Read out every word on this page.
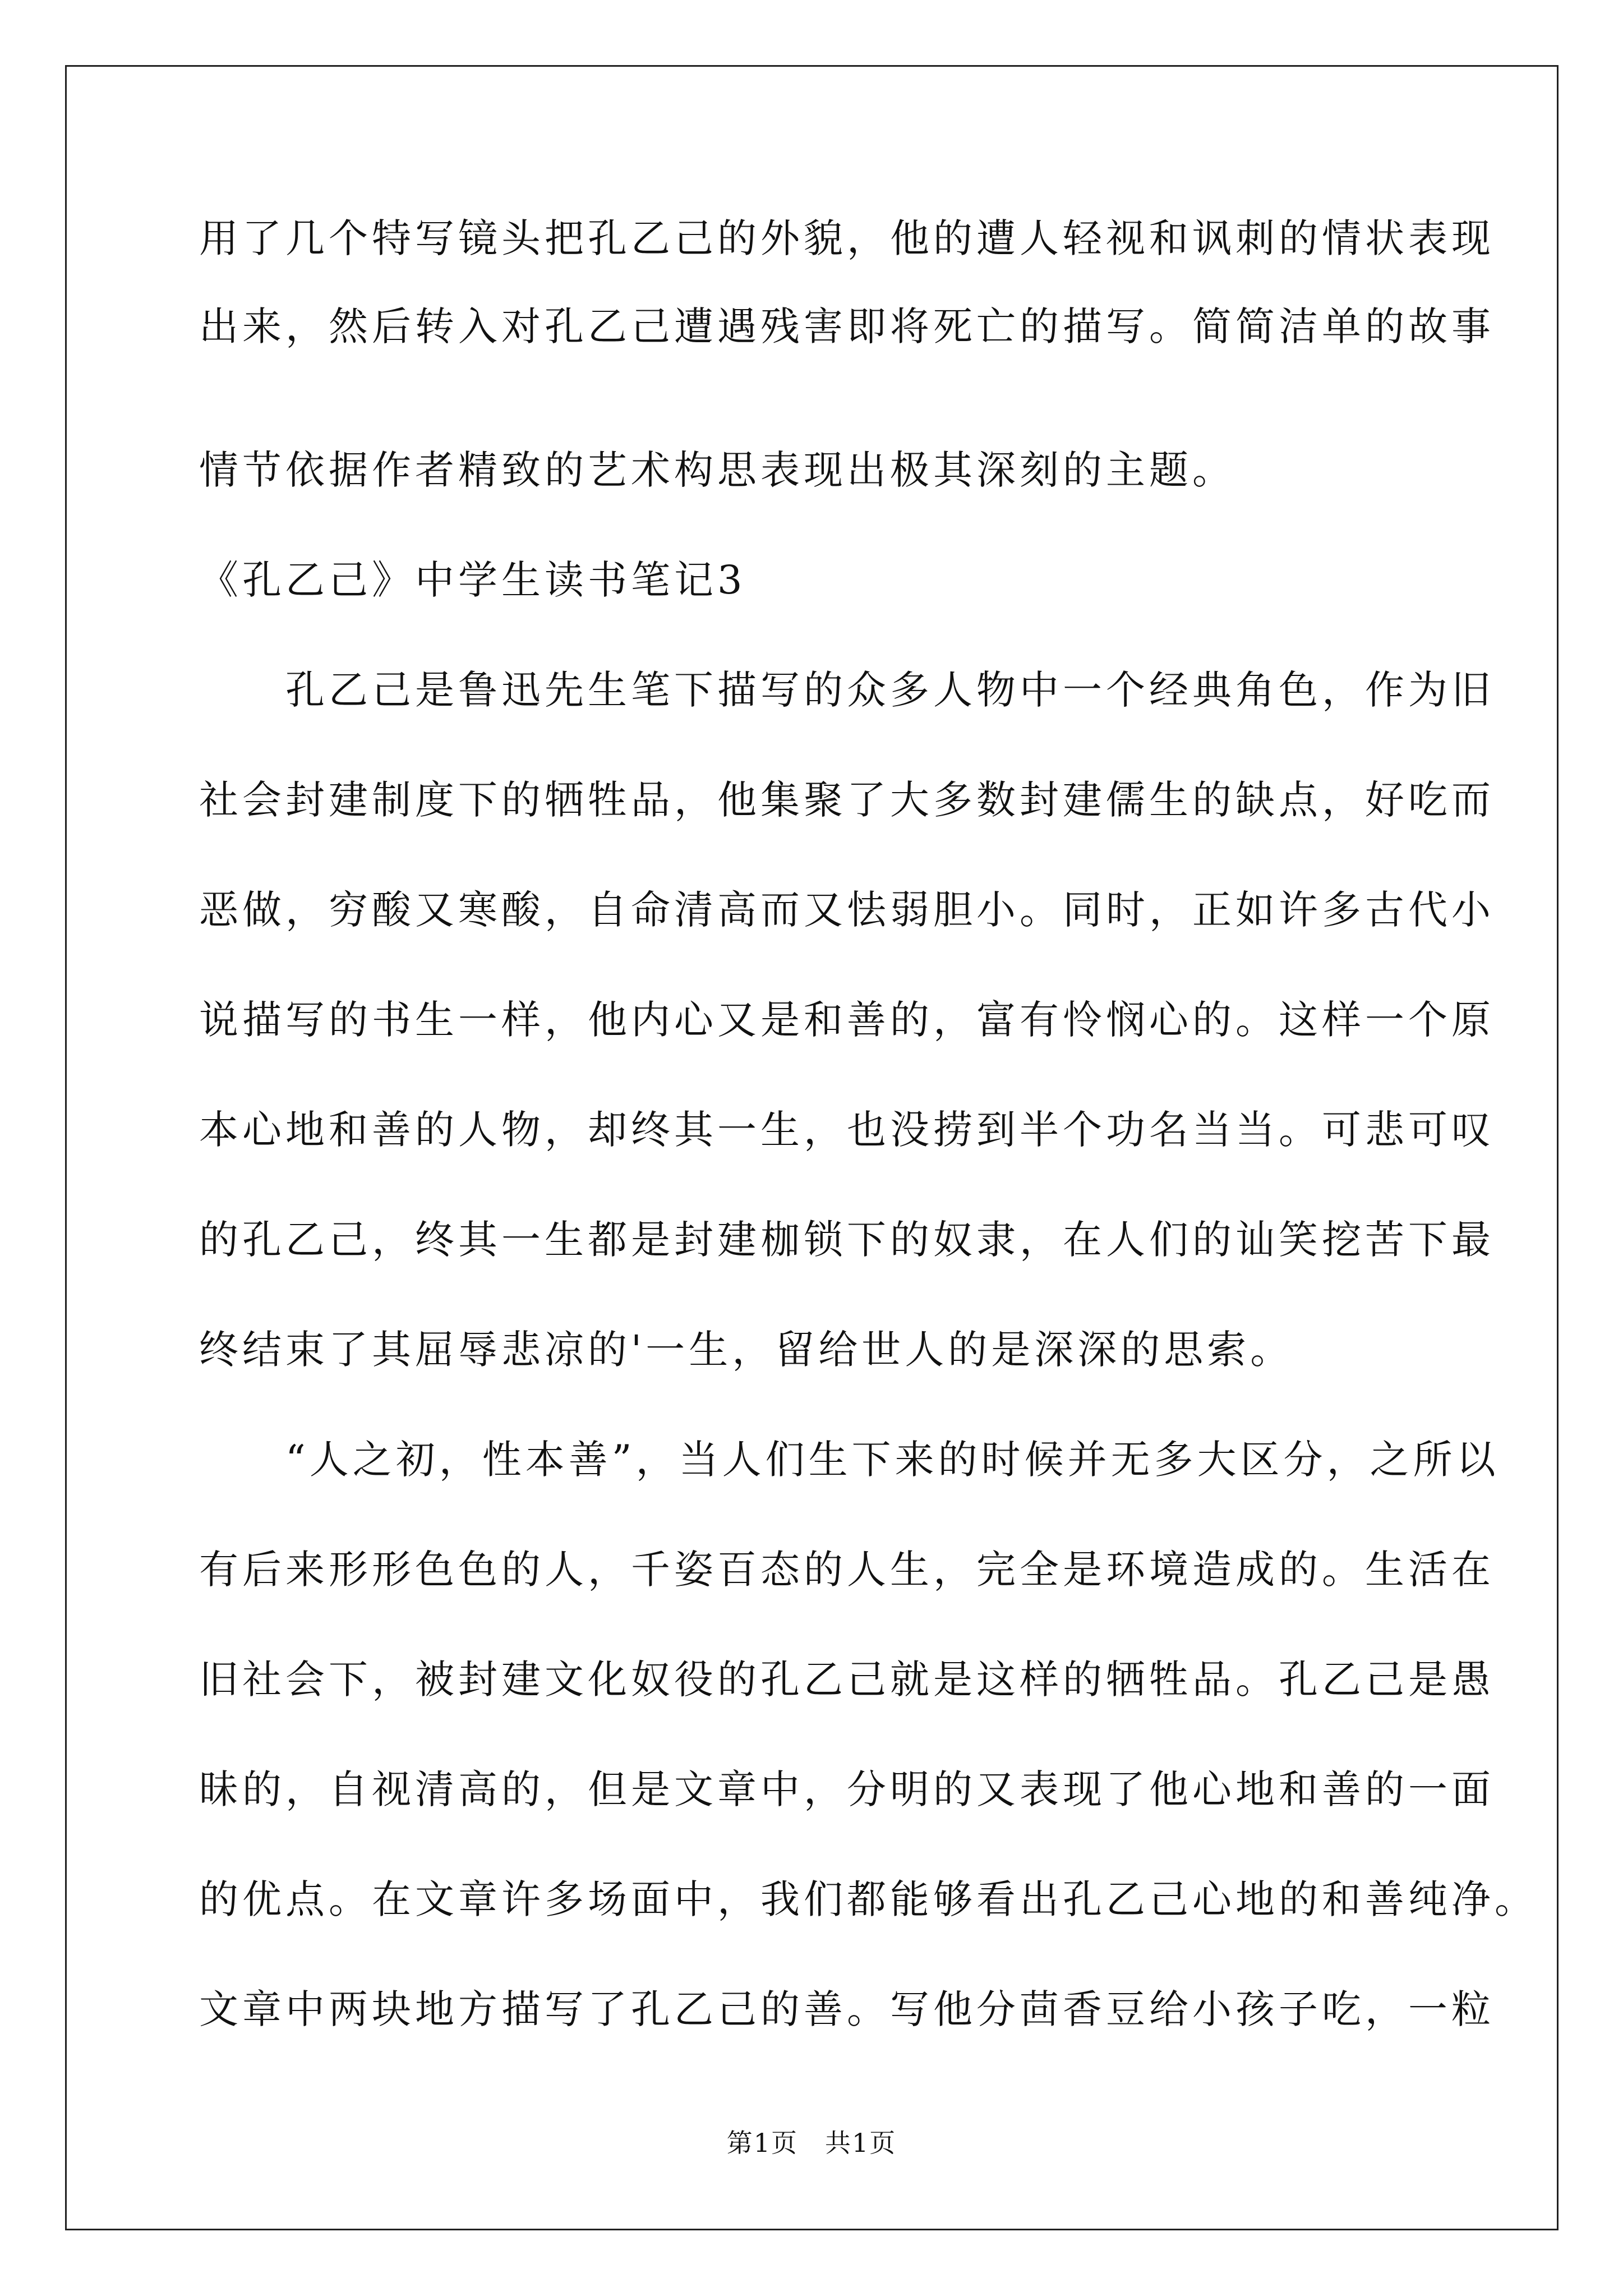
用了几个特写镜头把孔乙己的外貌，他的遭人轻视和讽刺的情状表现
出来，然后转入对孔乙己遭遇残害即将死亡的描写。简简洁单的故事
情节依据作者精致的艺术构思表现出极其深刻的主题。
《孔乙己》中学生读书笔记3
　　孔乙己是鲁迅先生笔下描写的众多人物中一个经典角色，作为旧
社会封建制度下的牺牲品，他集聚了大多数封建儒生的缺点，好吃而
恶做，穷酸又寒酸，自命清高而又怯弱胆小。同时，正如许多古代小
说描写的书生一样，他内心又是和善的，富有怜悯心的。这样一个原
本心地和善的人物，却终其一生，也没捞到半个功名当当。可悲可叹
的孔乙己，终其一生都是封建枷锁下的奴隶，在人们的讪笑挖苦下最
终结束了其屈辱悲凉的'一生，留给世人的是深深的思索。
　　“人之初，性本善”，当人们生下来的时候并无多大区分，之所以
有后来形形色色的人，千姿百态的人生，完全是环境造成的。生活在
旧社会下，被封建文化奴役的孔乙己就是这样的牺牲品。孔乙己是愚
昧的，自视清高的，但是文章中，分明的又表现了他心地和善的一面
的优点。在文章许多场面中，我们都能够看出孔乙己心地的和善纯净。
文章中两块地方描写了孔乙己的善。写他分茴香豆给小孩子吃，一粒
第1页　共1页
